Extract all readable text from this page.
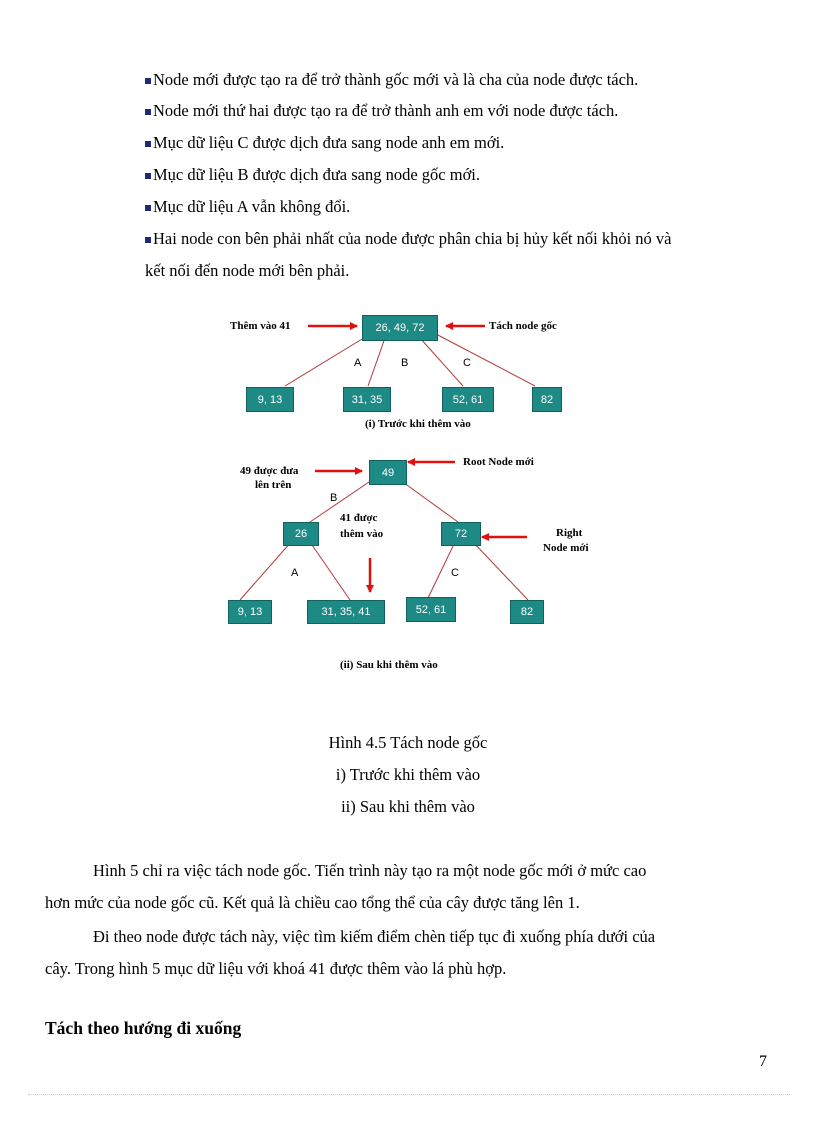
Node mới được tạo ra để trở thành gốc mới và là cha của node được tách.
Node mới thứ hai được tạo ra để trở thành anh em với node được tách.
Mục dữ liệu C được dịch đưa sang node anh em mới.
Mục dữ liệu B được dịch đưa sang node gốc mới.
Mục dữ liệu A vẫn không đổi.
Hai node con bên phải nhất của node được phân chia bị hủy kết nối khỏi nó và
kết nối đến node mới bên phải.
Thêm vào 41	26, 49, 72	Tách node gốc
A	B	C
9, 13	31, 35	52, 61	82
(i) Trước khi thêm vào
49 được đưa
lên trên
49
Root Node mới
B
41 được
thêm vào
26	72	Right
Node mới
A	C
9, 13	31, 35, 41	52, 61	82
(ii) Sau khi thêm vào
Hình 4.5 Tách node gốc
i) Trước khi thêm vào
ii) Sau khi thêm vào
Hình 5 chỉ ra việc tách node gốc. Tiến trình này tạo ra một node gốc mới ở mức cao
hơn mức của node gốc cũ. Kết quả là chiều cao tổng thể của cây được tăng lên 1.
Đi theo node được tách này, việc tìm kiếm điểm chèn tiếp tục đi xuống phía dưới của
cây. Trong hình 5 mục dữ liệu với khoá 41 được thêm vào lá phù hợp.
Tách theo hướng đi xuống
7
